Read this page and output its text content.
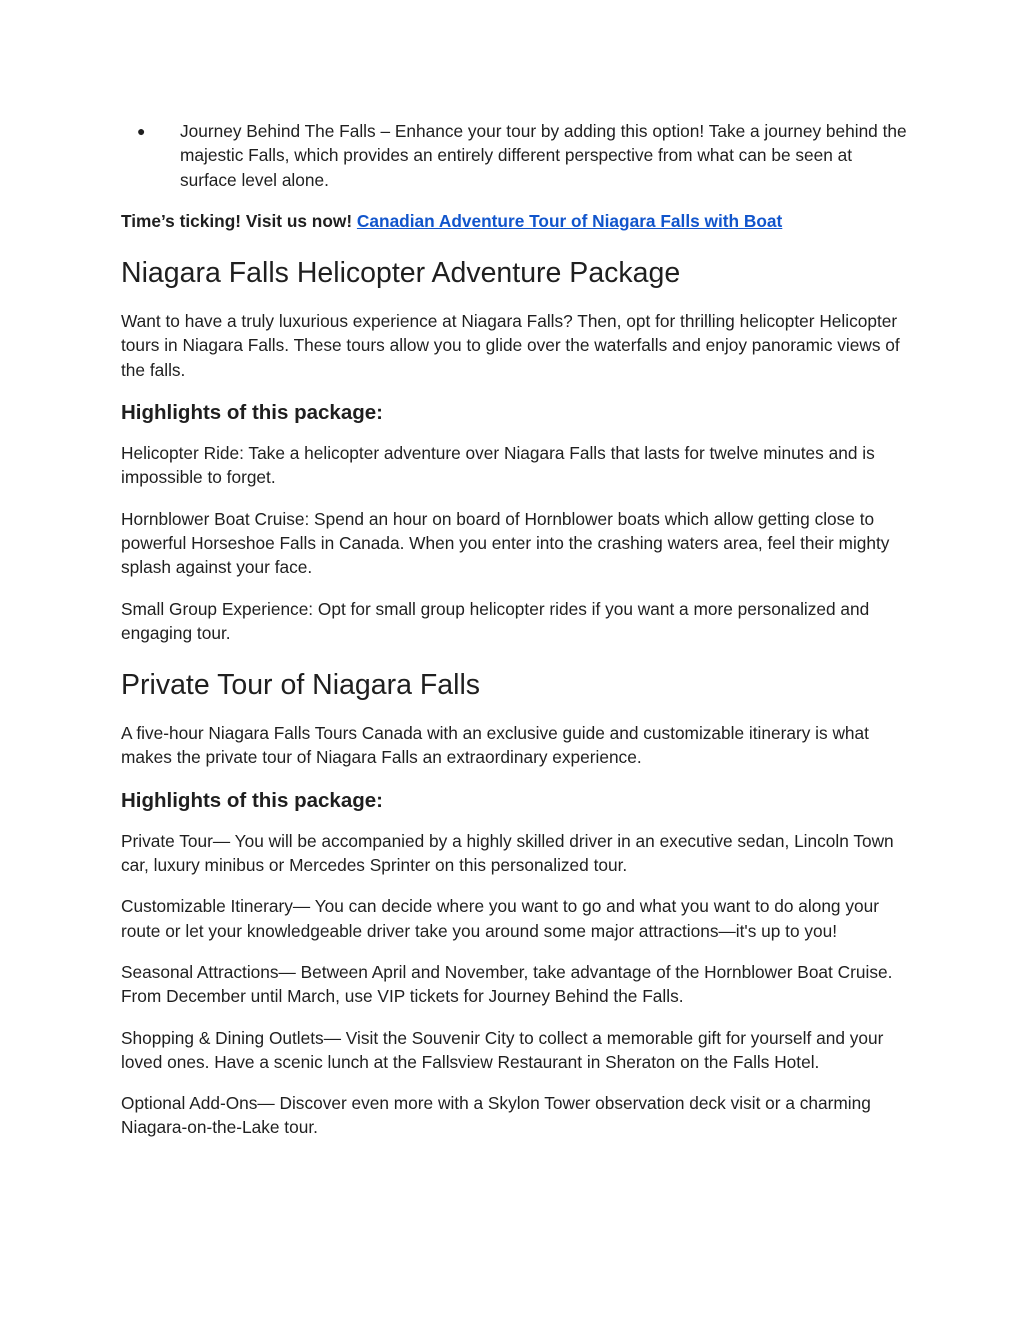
● Journey Behind The Falls – Enhance your tour by adding this option! Take a journey behind the majestic Falls, which provides an entirely different perspective from what can be seen at surface level alone.

Time’s ticking! Visit us now! Canadian Adventure Tour of Niagara Falls with Boat

Niagara Falls Helicopter Adventure Package

Want to have a truly luxurious experience at Niagara Falls? Then, opt for thrilling helicopter Helicopter tours in Niagara Falls. These tours allow you to glide over the waterfalls and enjoy panoramic views of the falls.

Highlights of this package:

Helicopter Ride: Take a helicopter adventure over Niagara Falls that lasts for twelve minutes and is impossible to forget.

Hornblower Boat Cruise: Spend an hour on board of Hornblower boats which allow getting close to powerful Horseshoe Falls in Canada. When you enter into the crashing waters area, feel their mighty splash against your face.

Small Group Experience: Opt for small group helicopter rides if you want a more personalized and engaging tour.

Private Tour of Niagara Falls

A five-hour Niagara Falls Tours Canada with an exclusive guide and customizable itinerary is what makes the private tour of Niagara Falls an extraordinary experience.

Highlights of this package:

Private Tour— You will be accompanied by a highly skilled driver in an executive sedan, Lincoln Town car, luxury minibus or Mercedes Sprinter on this personalized tour.

Customizable Itinerary— You can decide where you want to go and what you want to do along your route or let your knowledgeable driver take you around some major attractions—it's up to you!

Seasonal Attractions— Between April and November, take advantage of the Hornblower Boat Cruise. From December until March, use VIP tickets for Journey Behind the Falls.

Shopping & Dining Outlets— Visit the Souvenir City to collect a memorable gift for yourself and your loved ones. Have a scenic lunch at the Fallsview Restaurant in Sheraton on the Falls Hotel.

Optional Add-Ons— Discover even more with a Skylon Tower observation deck visit or a charming Niagara-on-the-Lake tour.
